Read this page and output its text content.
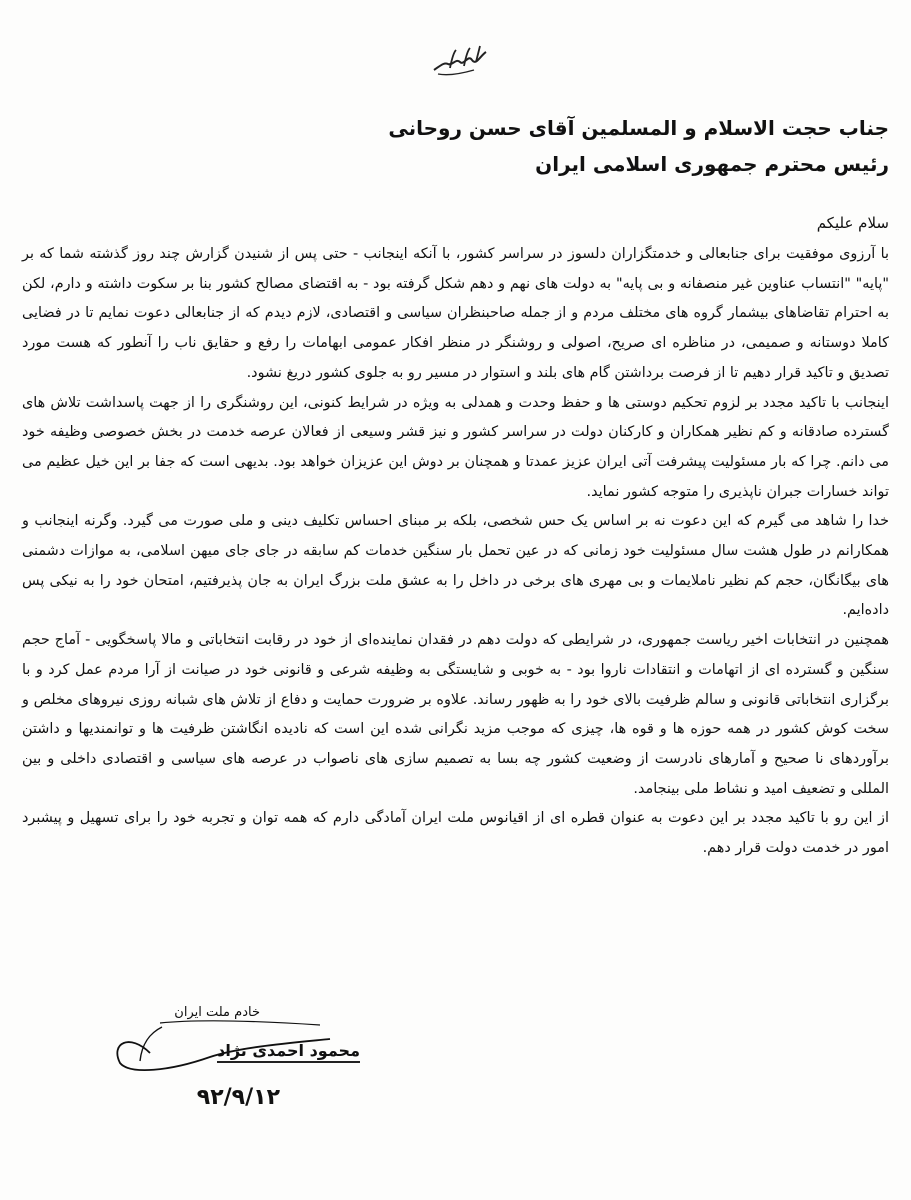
جناب حجت الاسلام و المسلمین آقای حسن روحانی
رئیس محترم جمهوری اسلامی ایران
سلام علیکم

با آرزوی موفقیت برای جنابعالی و خدمتگزاران دلسوز در سراسر کشور، با آنکه اینجانب - حتی پس از شنیدن گزارش چند روز گذشته شما که بر "پایه" "انتساب عناوین غیر منصفانه و بی پایه" به دولت های نهم و دهم شکل گرفته بود - به اقتضای مصالح کشور بنا بر سکوت داشته و دارم، لکن به احترام تقاضاهای بیشمار گروه های مختلف مردم و از جمله صاحبنظران سیاسی و اقتصادی، لازم دیدم که از جنابعالی دعوت نمایم تا در فضایی کاملا دوستانه و صمیمی، در مناظره ای صریح، اصولی و روشنگر در منظر افکار عمومی ابهامات را رفع و حقایق ناب را آنطور که هست مورد تصدیق و تاکید قرار دهیم تا از فرصت برداشتن گام های بلند و استوار در مسیر رو به جلوی کشور دریغ نشود.

اینجانب با تاکید مجدد بر لزوم تحکیم دوستی ها و حفظ وحدت و همدلی به ویژه در شرایط کنونی، این روشنگری را از جهت پاسداشت تلاش های گسترده صادقانه و کم نظیر همکاران و کارکنان دولت در سراسر کشور و نیز قشر وسیعی از فعالان عرصه خدمت در بخش خصوصی وظیفه خود می دانم. چرا که بار مسئولیت پیشرفت آتی ایران عزیز عمدتا و همچنان بر دوش این عزیزان خواهد بود. بدیهی است که جفا بر این خیل عظیم می تواند خسارات جبران ناپذیری را متوجه کشور نماید.

خدا را شاهد می گیرم که این دعوت نه بر اساس یک حس شخصی، بلکه بر مبنای احساس تکلیف دینی و ملی صورت می گیرد. وگرنه اینجانب و همکارانم در طول هشت سال مسئولیت خود زمانی که در عین تحمل بار سنگین خدمات کم سابقه در جای جای میهن اسلامی، به موازات دشمنی های بیگانگان، حجم کم نظیر ناملایمات و بی مهری های برخی در داخل را به عشق ملت بزرگ ایران به جان پذیرفتیم، امتحان خود را به نیکی پس داده‌ایم.

همچنین در انتخابات اخیر ریاست جمهوری، در شرایطی که دولت دهم در فقدان نماینده‌ای از خود در رقابت انتخاباتی و مالا پاسخگویی - آماج حجم سنگین و گسترده ای از اتهامات و انتقادات ناروا بود - به خوبی و شایستگی به وظیفه شرعی و قانونی خود در صیانت از آرا مردم عمل کرد و با برگزاری انتخاباتی قانونی و سالم ظرفیت بالای خود را به ظهور رساند. علاوه بر ضرورت حمایت و دفاع از تلاش های شبانه روزی نیروهای مخلص و سخت کوش کشور در همه حوزه ها و قوه ها، چیزی که موجب مزید نگرانی شده این است که نادیده انگاشتن ظرفیت ها و توانمندیها و داشتن برآوردهای نا صحیح و آمارهای نادرست از وضعیت کشور چه بسا به تصمیم سازی های ناصواب در عرصه های سیاسی و اقتصادی داخلی و بین المللی و تضعیف امید و نشاط ملی بینجامد.

از این رو با تاکید مجدد بر این دعوت به عنوان قطره ای از اقیانوس ملت ایران آمادگی دارم که همه توان و تجربه خود را برای تسهیل و پیشبرد امور در خدمت دولت قرار دهم.

خادم ملت ایران
محمود احمدی نژاد
۹۲/۹/۱۲
